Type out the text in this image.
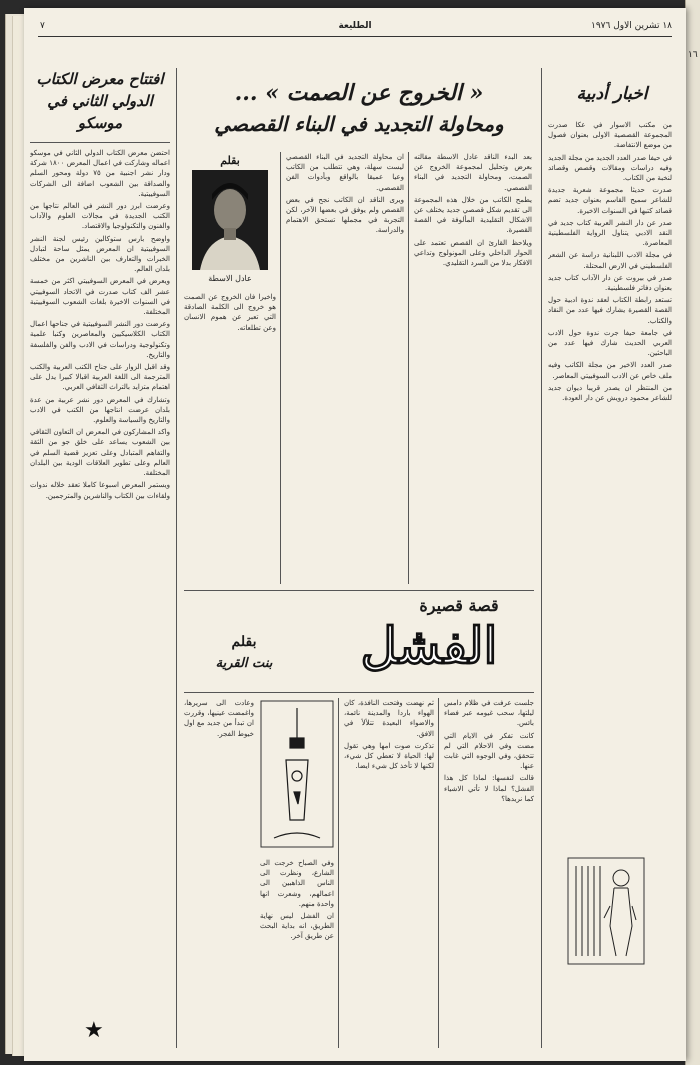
١٦
١٨ تشرين الاول ١٩٧٦
الطليعة
٧
اخبار أدبية

من مكتب الاسوار في عكا صدرت المجموعة القصصية الاولى بعنوان فصول من موضع الانتفاضة.

في حيفا صدر العدد الجديد من مجلة الجديد وفيه دراسات ومقالات وقصص وقصائد لنخبة من الكتاب.

صدرت حديثا مجموعة شعرية جديدة للشاعر سميح القاسم بعنوان جديد تضم قصائد كتبها في السنوات الاخيرة.

صدر عن دار النشر العربية كتاب جديد في النقد الادبي يتناول الرواية الفلسطينية المعاصرة.

في مجلة الادب اللبنانية دراسة عن الشعر الفلسطيني في الارض المحتلة.

صدر في بيروت عن دار الآداب كتاب جديد بعنوان دفاتر فلسطينية.

تستعد رابطة الكتاب لعقد ندوة ادبية حول القصة القصيرة يشارك فيها عدد من النقاد والكتاب.

في جامعة حيفا جرت ندوة حول الادب العربي الحديث شارك فيها عدد من الباحثين.

صدر العدد الاخير من مجلة الكاتب وفيه ملف خاص عن الادب السوفييتي المعاصر.

من المنتظر ان يصدر قريبا ديوان جديد للشاعر محمود درويش عن دار العودة.

افتتاح معرض الكتاب الدولي الثاني في موسكو

احتضن معرض الكتاب الدولي الثاني في موسكو اعماله وشاركت في اعمال المعرض ١٨٠٠ شركة ودار نشر اجنبية من ٧٥ دولة ومحور السلم والصداقة بين الشعوب اضافة الى الشركات السوفييتية.

وعرضت ابرز دور النشر في العالم نتاجها من الكتب الجديدة في مجالات العلوم والآداب والفنون والتكنولوجيا والاقتصاد.

واوضح بارس ستوكالين رئيس لجنة النشر السوفييتية ان المعرض يمثل ساحة لتبادل الخبرات والتعارف بين الناشرين من مختلف بلدان العالم.

ويعرض في المعرض السوفييتي اكثر من خمسة عشر الف كتاب صدرت في الاتحاد السوفييتي في السنوات الاخيرة بلغات الشعوب السوفييتية المختلفة.

وعرضت دور النشر السوفييتية في جناحها اعمال الكتاب الكلاسيكيين والمعاصرين وكتبا علمية وتكنولوجية ودراسات في الادب والفن والفلسفة والتاريخ.

وقد اقبل الزوار على جناح الكتب العربية والكتب المترجمة الى اللغة العربية اقبالا كبيرا يدل على اهتمام متزايد بالتراث الثقافي العربي.

وتشارك في المعرض دور نشر عربية من عدة بلدان عرضت انتاجها من الكتب في الادب والتاريخ والسياسة والعلوم.

واكد المشاركون في المعرض ان التعاون الثقافي بين الشعوب يساعد على خلق جو من الثقة والتفاهم المتبادل وعلى تعزيز قضية السلم في العالم وعلى تطوير العلاقات الودية بين البلدان المختلفة.

ويستمر المعرض اسبوعا كاملا تعقد خلاله ندوات ولقاءات بين الكتاب والناشرين والمترجمين.

★
« الخروج عن الصمت » ...
ومحاولة التجديد في البناء القصصي

بعد البدء الناقد عادل الاسطة مقالته بعرض وتحليل لمجموعة الخروج عن الصمت، ومحاولة التجديد في البناء القصصي.

يطمح الكاتب من خلال هذه المجموعة الى تقديم شكل قصصي جديد يختلف عن الاشكال التقليدية المألوفة في القصة القصيرة.

ويلاحظ القارئ ان القصص تعتمد على الحوار الداخلي وعلى المونولوج وتداعي الافكار بدلا من السرد التقليدي.

ان محاولة التجديد في البناء القصصي ليست سهلة، وهي تتطلب من الكاتب وعيا عميقا بالواقع وبأدوات الفن القصصي.

ويرى الناقد ان الكاتب نجح في بعض القصص ولم يوفق في بعضها الآخر، لكن التجربة في مجملها تستحق الاهتمام والدراسة.

بقلم
عادل الاسطة

واخيرا فان الخروج عن الصمت هو خروج الى الكلمة الصادقة التي تعبر عن هموم الانسان وعن تطلعاته.

قصة قصيرة
الفشل
بقلم
بنت القرية

جلست عرفت في ظلام دامس ليلتها، سحب غيومه عبر فضاء بائس.

كانت تفكر في الايام التي مضت وفي الاحلام التي لم تتحقق، وفي الوجوه التي غابت عنها.

قالت لنفسها: لماذا كل هذا الفشل؟ لماذا لا تأتي الاشياء كما نريدها؟

ثم نهضت وفتحت النافذة، كان الهواء باردا والمدينة نائمة، والاضواء البعيدة تتلألأ في الافق.

تذكرت صوت امها وهي تقول لها: الحياة لا تعطي كل شيء، لكنها لا تأخذ كل شيء ايضا.

وعادت الى سريرها، واغمضت عينيها، وقررت ان تبدأ من جديد مع اول خيوط الفجر.

وفي الصباح خرجت الى الشارع، ونظرت الى الناس الذاهبين الى اعمالهم، وشعرت انها واحدة منهم.

ان الفشل ليس نهاية الطريق، انه بداية البحث عن طريق آخر.
